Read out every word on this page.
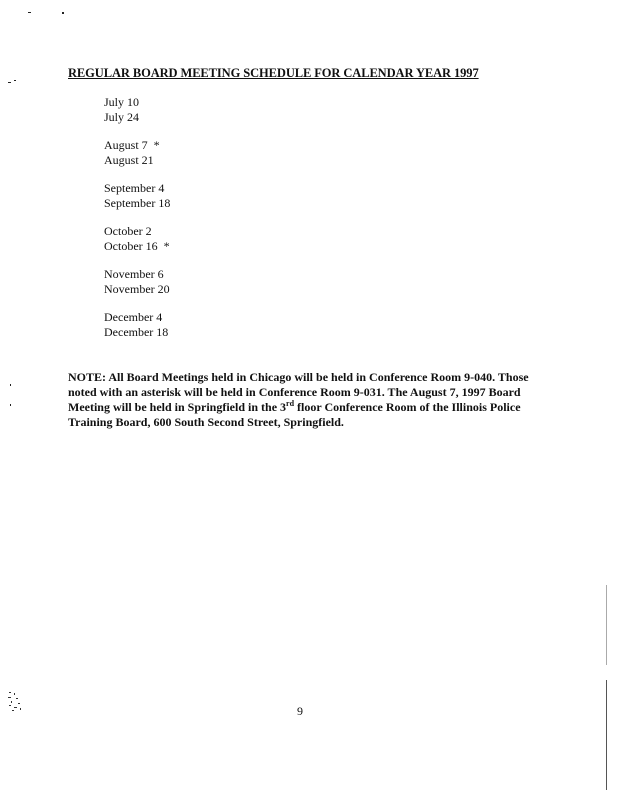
REGULAR BOARD MEETING SCHEDULE FOR CALENDAR YEAR 1997
July 10
July 24
August 7 *
August 21
September 4
September 18
October 2
October 16 *
November 6
November 20
December 4
December 18
NOTE: All Board Meetings held in Chicago will be held in Conference Room 9-040. Those noted with an asterisk will be held in Conference Room 9-031. The August 7, 1997 Board Meeting will be held in Springfield in the 3rd floor Conference Room of the Illinois Police Training Board, 600 South Second Street, Springfield.
9
